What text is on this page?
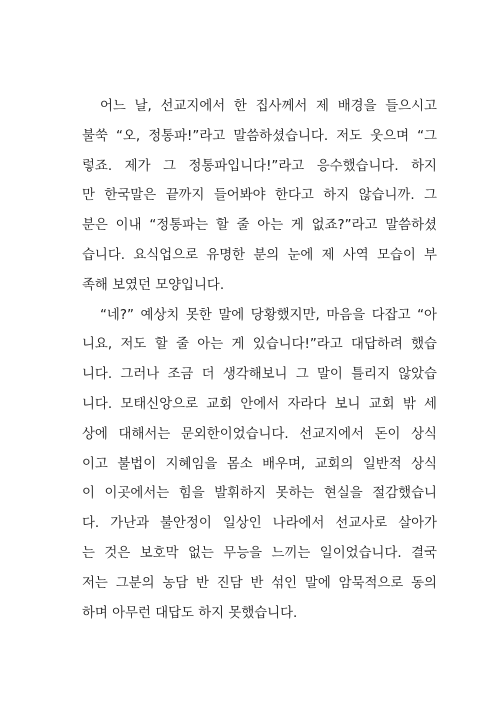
어느 날, 선교지에서 한 집사께서 제 배경을 들으시고
불쑥 “오, 정통파!”라고 말씀하셨습니다. 저도 웃으며 “그
렇죠. 제가 그 정통파입니다!”라고 응수했습니다. 하지
만 한국말은 끝까지 들어봐야 한다고 하지 않습니까. 그
분은 이내 “정통파는 할 줄 아는 게 없죠?”라고 말씀하셨
습니다. 요식업으로 유명한 분의 눈에 제 사역 모습이 부
족해 보였던 모양입니다.
“네?” 예상치 못한 말에 당황했지만, 마음을 다잡고 “아
니요, 저도 할 줄 아는 게 있습니다!”라고 대답하려 했습
니다. 그러나 조금 더 생각해보니 그 말이 틀리지 않았습
니다. 모태신앙으로 교회 안에서 자라다 보니 교회 밖 세
상에 대해서는 문외한이었습니다. 선교지에서 돈이 상식
이고 불법이 지혜임을 몸소 배우며, 교회의 일반적 상식
이 이곳에서는 힘을 발휘하지 못하는 현실을 절감했습니
다. 가난과 불안정이 일상인 나라에서 선교사로 살아가
는 것은 보호막 없는 무능을 느끼는 일이었습니다. 결국
저는 그분의 농담 반 진담 반 섞인 말에 암묵적으로 동의
하며 아무런 대답도 하지 못했습니다.
